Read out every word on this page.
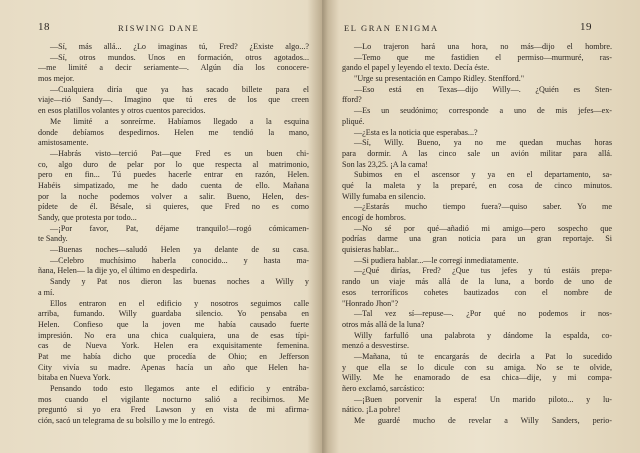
18	RISWING DANE
—Sí, más allá... ¿Lo imaginas tú, Fred? ¿Existe algo...?
—Sí, otros mundos. Unos en formación, otros agotados...
—me limité a decir seriamente—. Algún día los conocere-
mos mejor.
—Cualquiera diría que ya has sacado billete para el
viaje—rió Sandy—. Imagino que tú eres de los que creen
en esos platillos volantes y otros cuentos parecidos.
Me limité a sonreírme. Habíamos llegado a la esquina
donde debíamos despedirnos. Helen me tendió la mano,
amistosamente.
—Habrás visto—terció Pat—que Fred es un buen chi-
co, algo duro de pelar por lo que respecta al matrimonio,
pero en fin... Tú puedes hacerle entrar en razón, Helen.
Habéis simpatizado, me he dado cuenta de ello. Mañana
por la noche podemos volver a salir. Bueno, Helen, des-
pídete de él. Bésale, si quieres, que Fred no es como
Sandy, que protesta por todo...
—¡Por favor, Pat, déjame tranquilo!—rogó cómicamen-
te Sandy.
—Buenas noches—saludó Helen ya delante de su casa.
—Celebro muchísimo haberla conocido... y hasta ma-
ñana, Helen— la dije yo, el último en despedirla.
Sandy y Pat nos dieron las buenas noches a Willy y
a mí.
Ellos entraron en el edificio y nosotros seguimos calle
arriba, fumando. Willy guardaba silencio. Yo pensaba en
Helen. Confieso que la joven me había causado fuerte
impresión. No era una chica cualquiera, una de esas típi-
cas de Nueva York. Helen era exquisitamente femenina.
Pat me había dicho que procedía de Ohio; en Jefferson
City vivía su madre. Apenas hacía un año que Helen ha-
bitaba en Nueva York.
Pensando todo esto llegamos ante el edificio y entrába-
mos cuando el vigilante nocturno salió a recibirnos. Me
preguntó si yo era Fred Lawson y en vista de mi afirma-
ción, sacó un telegrama de su bolsillo y me lo entregó.
EL GRAN ENIGMA	19
—Lo trajeron hará una hora, no más—dijo el hombre.
—Temo que me fastidien el permiso—murmuré, ras-
gando el papel y leyendo el texto. Decía éste.
"Urge su presentación en Campo Ridley. Stenfford."
—Eso está en Texas—dijo Willy—. ¿Quién es Sten-
fford?
—Es un seudónimo; corresponde a uno de mis jefes—ex-
pliqué.
—¿Esta es la noticia que esperabas...?
—Sí, Willy. Bueno, ya no me quedan muchas horas
para dormir. A las cinco sale un avión militar para allá.
Son las 23,25. ¡A la cama!
Subimos en el ascensor y ya en el departamento, sa-
qué la maleta y la preparé, en cosa de cinco minutos.
Willy fumaba en silencio.
—¿Estarás mucho tiempo fuera?—quiso saber. Yo me
encogí de hombros.
—No sé por qué—añadió mi amigo—pero sospecho que
podrías darme una gran noticia para un gran reportaje. Si
quisieras hablar...
—Si pudiera hablar...—le corregí inmediatamente.
—¿Qué dirías, Fred? ¿Que tus jefes y tú estáis prepa-
rando un viaje más allá de la luna, a bordo de uno de
esos terroríficos cohetes bautizados con el nombre de
"Honrado Jhon"?
—Tal vez sí—repuse—. ¿Por qué no podemos ir nos-
otros más allá de la luna?
Willy farfulló una palabrota y dándome la espalda, co-
menzó a desvestirse.
—Mañana, tú te encargarás de decirla a Pat lo sucedido
y que ella se lo dicule con su amiga. No se te olvide,
Willy. Me he enamorado de esa chica—dije, y mi compa-
ñero exclamó, sarcástico:
—¡Buen porvenir la espera! Un marido piloto... y lu-
nático. ¡La pobre!
Me guardé mucho de revelar a Willy Sanders, perio-
